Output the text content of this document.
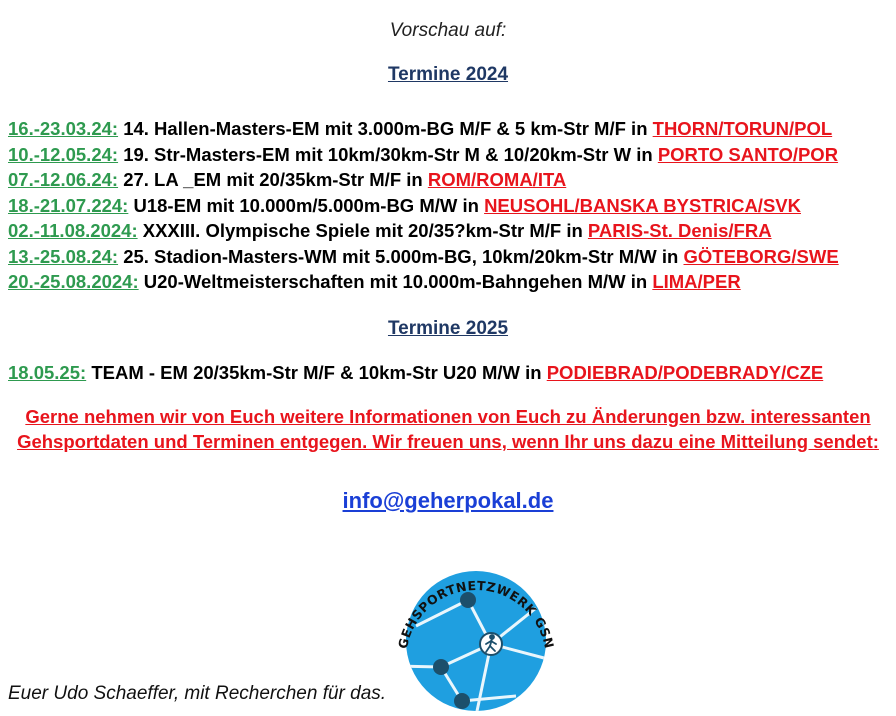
Vorschau auf:
Termine 2024
16.-23.03.24: 14. Hallen-Masters-EM mit 3.000m-BG M/F & 5 km-Str M/F in THORN/TORUN/POL
10.-12.05.24: 19. Str-Masters-EM mit 10km/30km-Str M & 10/20km-Str W in PORTO SANTO/POR
07.-12.06.24: 27. LA _EM mit 20/35km-Str M/F in ROM/ROMA/ITA
18.-21.07.224: U18-EM mit 10.000m/5.000m-BG M/W in NEUSOHL/BANSKA BYSTRICA/SVK
02.-11.08.2024: XXXIII. Olympische Spiele mit 20/35?km-Str M/F in PARIS-St. Denis/FRA
13.-25.08.24: 25. Stadion-Masters-WM mit 5.000m-BG, 10km/20km-Str M/W in GÖTEBORG/SWE
20.-25.08.2024: U20-Weltmeisterschaften mit 10.000m-Bahngehen M/W in LIMA/PER
Termine 2025
18.05.25: TEAM - EM 20/35km-Str M/F & 10km-Str U20 M/W in PODIEBRAD/PODEBRADY/CZE
Gerne nehmen wir von Euch weitere Informationen von Euch zu Änderungen bzw. interessanten
Gehsportdaten und Terminen entgegen. Wir freuen uns, wenn Ihr uns dazu eine Mitteilung sendet:
info@geherpokal.de
Euer Udo Schaeffer, mit Recherchen für das.
GEHSPORTNETZWERK GSN
